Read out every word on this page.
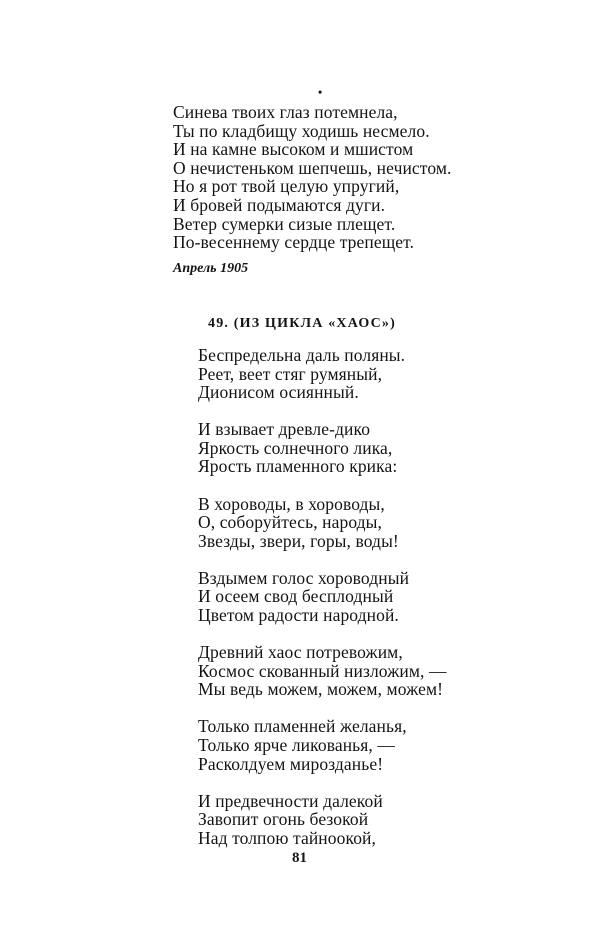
•
Синева твоих глаз потемнела,
Ты по кладбищу ходишь несмело.
И на камне высоком и мшистом
О нечистеньком шепчешь, нечистом.
Но я рот твой целую упругий,
И бровей подымаются дуги.
Ветер сумерки сизые плещет.
По-весеннему сердце трепещет.
Апрель 1905
49. (ИЗ ЦИКЛА «ХАОС»)
Беспредельна даль поляны.
Реет, веет стяг румяный,
Дионисом осиянный.
И взывает древле-дико
Яркость солнечного лика,
Ярость пламенного крика:
В хороводы, в хороводы,
О, соборуйтесь, народы,
Звезды, звери, горы, воды!
Вздымем голос хороводный
И осеем свод бесплодный
Цветом радости народной.
Древний хаос потревожим,
Космос скованный низложим, —
Мы ведь можем, можем, можем!
Только пламенней желанья,
Только ярче ликованья, —
Расколдуем мирозданье!
И предвечности далекой
Завопит огонь безокой
Над толпою тайноокой,
81
